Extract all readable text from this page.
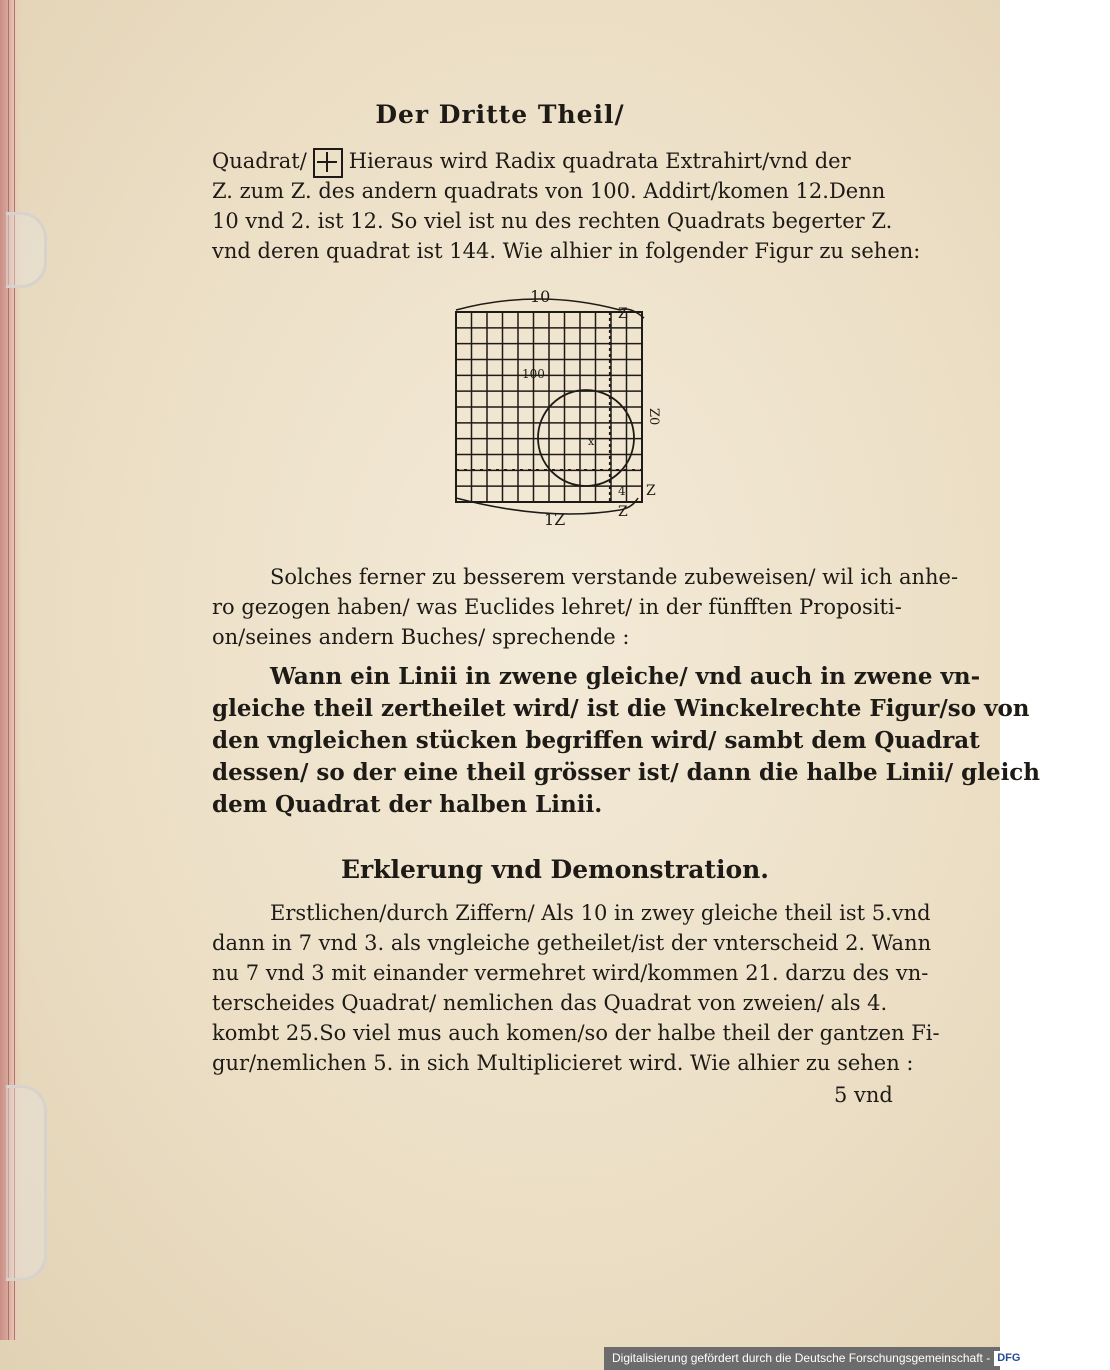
Der Dritte Theil/
Quadrat/ Hieraus wird Radix quadrata Extrahirt/vnd der
Z. zum Z. des andern quadrats von 100. Addirt/komen 12.Denn
10 vnd 2. ist 12. So viel ist nu des rechten Quadrats begerter Z.
vnd deren quadrat ist 144. Wie alhier in folgender Figur zu sehen:
10
Z
100
Z0
1Z	Z
4 Z
x
Solches ferner zu besserem verstande zubeweisen/ wil ich anhe-
ro gezogen haben/ was Euclides lehret/ in der fünfften Propositi-
on/seines andern Buches/ sprechende :
Wann ein Linii in zwene gleiche/ vnd auch in zwene vn-
gleiche theil zertheilet wird/ ist die Winckelrechte Figur/so von
den vngleichen stücken begriffen wird/ sambt dem Quadrat
dessen/ so der eine theil grösser ist/ dann die halbe Linii/ gleich
dem Quadrat der halben Linii.
Erklerung vnd Demonstration.
Erstlichen/durch Ziffern/ Als 10 in zwey gleiche theil ist 5.vnd
dann in 7 vnd 3. als vngleiche getheilet/ist der vnterscheid 2. Wann
nu 7 vnd 3 mit einander vermehret wird/kommen 21. darzu des vn-
terscheides Quadrat/ nemlichen das Quadrat von zweien/ als 4.
kombt 25.So viel mus auch komen/so der halbe theil der gantzen Fi-
gur/nemlichen 5. in sich Multiplicieret wird. Wie alhier zu sehen :
5 vnd
Digitalisierung gefördert durch die Deutsche Forschungsgemeinschaft - DFG
